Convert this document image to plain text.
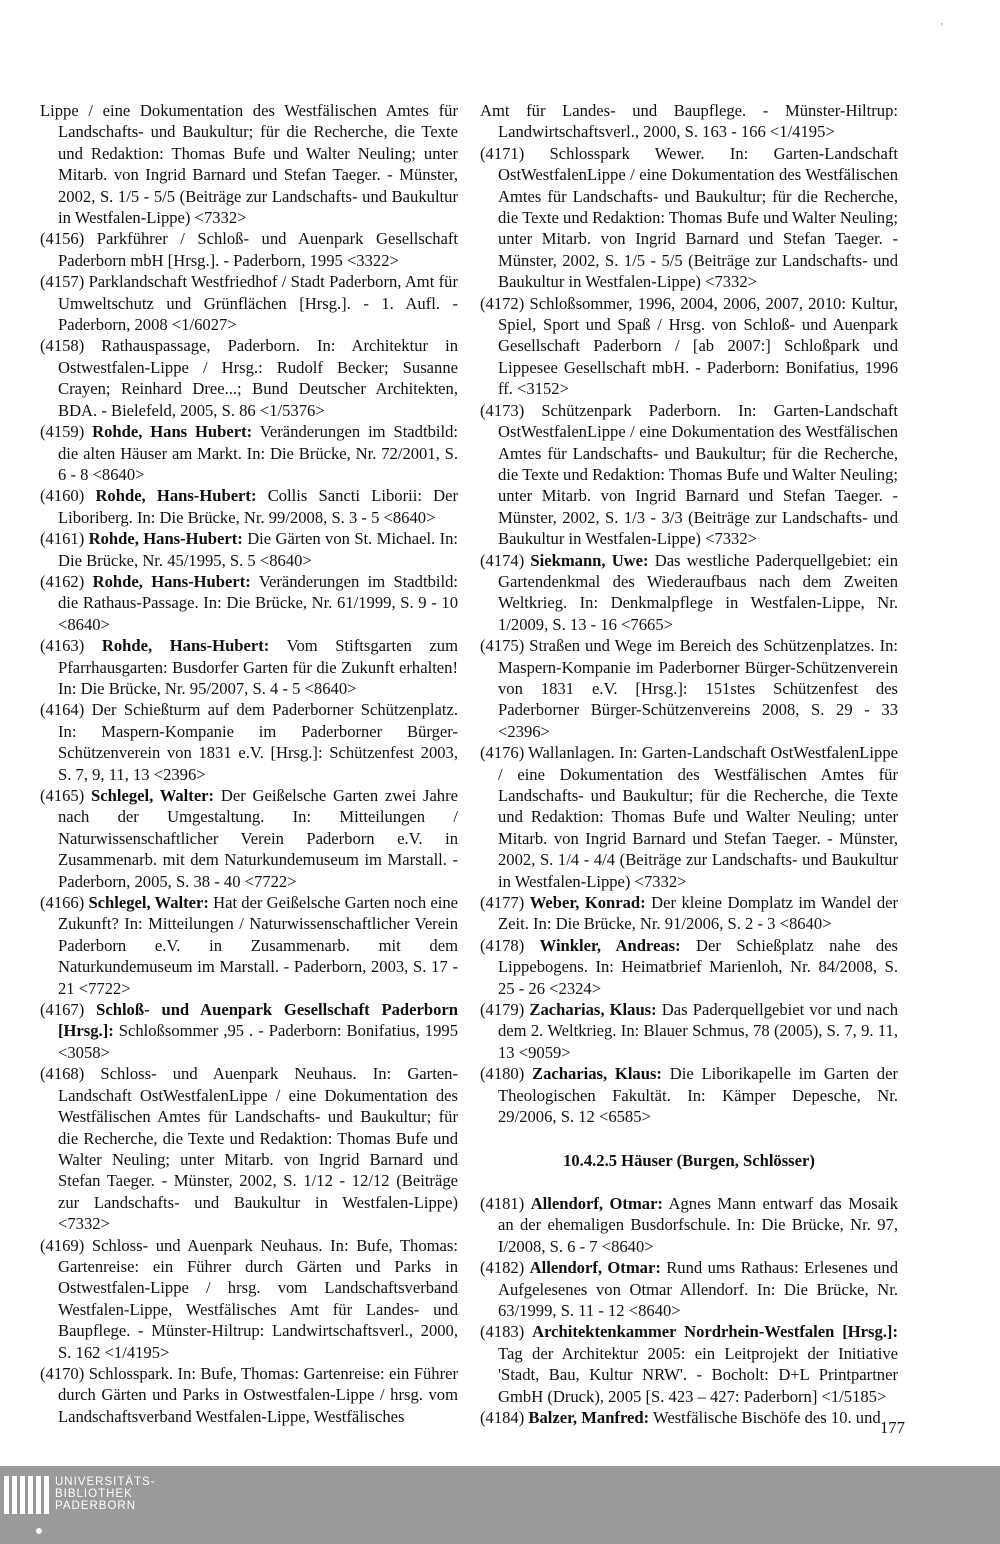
’

Lippe / eine Dokumentation des Westfälischen Amtes für Landschafts- und Baukultur; für die Recherche, die Texte und Redaktion: Thomas Bufe und Walter Neuling; unter Mitarb. von Ingrid Barnard und Stefan Taeger. - Münster, 2002, S. 1/5 - 5/5 (Beiträge zur Landschafts- und Baukultur in Westfalen-Lippe) <7332>

(4156) Parkführer / Schloß- und Auenpark Gesellschaft Paderborn mbH [Hrsg.]. - Paderborn, 1995 <3322>

(4157) Parklandschaft Westfriedhof / Stadt Paderborn, Amt für Umweltschutz und Grünflächen [Hrsg.]. - 1. Aufl. - Paderborn, 2008 <1/6027>

(4158) Rathauspassage, Paderborn. In: Architektur in Ostwestfalen-Lippe / Hrsg.: Rudolf Becker; Susanne Crayen; Reinhard Dree...; Bund Deutscher Architekten, BDA. - Bielefeld, 2005, S. 86 <1/5376>

(4159) Rohde, Hans Hubert: Veränderungen im Stadtbild: die alten Häuser am Markt. In: Die Brücke, Nr. 72/2001, S. 6 - 8 <8640>

(4160) Rohde, Hans-Hubert: Collis Sancti Liborii: Der Liboriberg. In: Die Brücke, Nr. 99/2008, S. 3 - 5 <8640>

(4161) Rohde, Hans-Hubert: Die Gärten von St. Michael. In: Die Brücke, Nr. 45/1995, S. 5 <8640>

(4162) Rohde, Hans-Hubert: Veränderungen im Stadtbild: die Rathaus-Passage. In: Die Brücke, Nr. 61/1999, S. 9 - 10 <8640>

(4163) Rohde, Hans-Hubert: Vom Stiftsgarten zum Pfarrhausgarten: Busdorfer Garten für die Zukunft erhalten! In: Die Brücke, Nr. 95/2007, S. 4 - 5 <8640>

(4164) Der Schießturm auf dem Paderborner Schützenplatz. In: Maspern-Kompanie im Paderborner Bürger-Schützenverein von 1831 e.V. [Hrsg.]: Schützenfest 2003, S. 7, 9, 11, 13 <2396>

(4165) Schlegel, Walter: Der Geißelsche Garten zwei Jahre nach der Umgestaltung. In: Mitteilungen / Naturwissenschaftlicher Verein Paderborn e.V. in Zusammenarb. mit dem Naturkundemuseum im Marstall. - Paderborn, 2005, S. 38 - 40 <7722>

(4166) Schlegel, Walter: Hat der Geißelsche Garten noch eine Zukunft? In: Mitteilungen / Naturwissenschaftlicher Verein Paderborn e.V. in Zusammenarb. mit dem Naturkundemuseum im Marstall. - Paderborn, 2003, S. 17 - 21 <7722>

(4167) Schloß- und Auenpark Gesellschaft Paderborn [Hrsg.]: Schloßsommer ,95 . - Paderborn: Bonifatius, 1995 <3058>

(4168) Schloss- und Auenpark Neuhaus. In: Garten-Landschaft OstWestfalenLippe / eine Dokumentation des Westfälischen Amtes für Landschafts- und Baukultur; für die Recherche, die Texte und Redaktion: Thomas Bufe und Walter Neuling; unter Mitarb. von Ingrid Barnard und Stefan Taeger. - Münster, 2002, S. 1/12 - 12/12 (Beiträge zur Landschafts- und Baukultur in Westfalen-Lippe) <7332>

(4169) Schloss- und Auenpark Neuhaus. In: Bufe, Thomas: Gartenreise: ein Führer durch Gärten und Parks in Ostwestfalen-Lippe / hrsg. vom Landschaftsverband Westfalen-Lippe, Westfälisches Amt für Landes- und Baupflege. - Münster-Hiltrup: Landwirtschaftsverl., 2000, S. 162 <1/4195>

(4170) Schlosspark. In: Bufe, Thomas: Gartenreise: ein Führer durch Gärten und Parks in Ostwestfalen-Lippe / hrsg. vom Landschaftsverband Westfalen-Lippe, Westfälisches

Amt für Landes- und Baupflege. - Münster-Hiltrup: Landwirtschaftsverl., 2000, S. 163 - 166 <1/4195>

(4171) Schlosspark Wewer. In: Garten-Landschaft OstWestfalenLippe / eine Dokumentation des Westfälischen Amtes für Landschafts- und Baukultur; für die Recherche, die Texte und Redaktion: Thomas Bufe und Walter Neuling; unter Mitarb. von Ingrid Barnard und Stefan Taeger. - Münster, 2002, S. 1/5 - 5/5 (Beiträge zur Landschafts- und Baukultur in Westfalen-Lippe) <7332>

(4172) Schloßsommer, 1996, 2004, 2006, 2007, 2010: Kultur, Spiel, Sport und Spaß / Hrsg. von Schloß- und Auenpark Gesellschaft Paderborn / [ab 2007:] Schloßpark und Lippesee Gesellschaft mbH. - Paderborn: Bonifatius, 1996 ff. <3152>

(4173) Schützenpark Paderborn. In: Garten-Landschaft OstWestfalenLippe / eine Dokumentation des Westfälischen Amtes für Landschafts- und Baukultur; für die Recherche, die Texte und Redaktion: Thomas Bufe und Walter Neuling; unter Mitarb. von Ingrid Barnard und Stefan Taeger. - Münster, 2002, S. 1/3 - 3/3 (Beiträge zur Landschafts- und Baukultur in Westfalen-Lippe) <7332>

(4174) Siekmann, Uwe: Das westliche Paderquellgebiet: ein Gartendenkmal des Wiederaufbaus nach dem Zweiten Weltkrieg. In: Denkmalpflege in Westfalen-Lippe, Nr. 1/2009, S. 13 - 16 <7665>

(4175) Straßen und Wege im Bereich des Schützenplatzes. In: Maspern-Kompanie im Paderborner Bürger-Schützenverein von 1831 e.V. [Hrsg.]: 151stes Schützenfest des Paderborner Bürger-Schützenvereins 2008, S. 29 - 33 <2396>

(4176) Wallanlagen. In: Garten-Landschaft OstWestfalenLippe / eine Dokumentation des Westfälischen Amtes für Landschafts- und Baukultur; für die Recherche, die Texte und Redaktion: Thomas Bufe und Walter Neuling; unter Mitarb. von Ingrid Barnard und Stefan Taeger. - Münster, 2002, S. 1/4 - 4/4 (Beiträge zur Landschafts- und Baukultur in Westfalen-Lippe) <7332>

(4177) Weber, Konrad: Der kleine Domplatz im Wandel der Zeit. In: Die Brücke, Nr. 91/2006, S. 2 - 3 <8640>

(4178) Winkler, Andreas: Der Schießplatz nahe des Lippebogens. In: Heimatbrief Marienloh, Nr. 84/2008, S. 25 - 26 <2324>

(4179) Zacharias, Klaus: Das Paderquellgebiet vor und nach dem 2. Weltkrieg. In: Blauer Schmus, 78 (2005), S. 7, 9. 11, 13 <9059>

(4180) Zacharias, Klaus: Die Liborikapelle im Garten der Theologischen Fakultät. In: Kämper Depesche, Nr. 29/2006, S. 12 <6585>

10.4.2.5 Häuser (Burgen, Schlösser)

(4181) Allendorf, Otmar: Agnes Mann entwarf das Mosaik an der ehemaligen Busdorfschule. In: Die Brücke, Nr. 97, I/2008, S. 6 - 7 <8640>

(4182) Allendorf, Otmar: Rund ums Rathaus: Erlesenes und Aufgelesenes von Otmar Allendorf. In: Die Brücke, Nr. 63/1999, S. 11 - 12 <8640>

(4183) Architektenkammer Nordrhein-Westfalen [Hrsg.]: Tag der Architektur 2005: ein Leitprojekt der Initiative 'Stadt, Bau, Kultur NRW'. - Bocholt: D+L Printpartner GmbH (Druck), 2005 [S. 423 – 427: Paderborn] <1/5185>

(4184) Balzer, Manfred: Westfälische Bischöfe des 10. und

177
UNIVERSITÄTS-
BIBLIOTHEK
PADERBORN
